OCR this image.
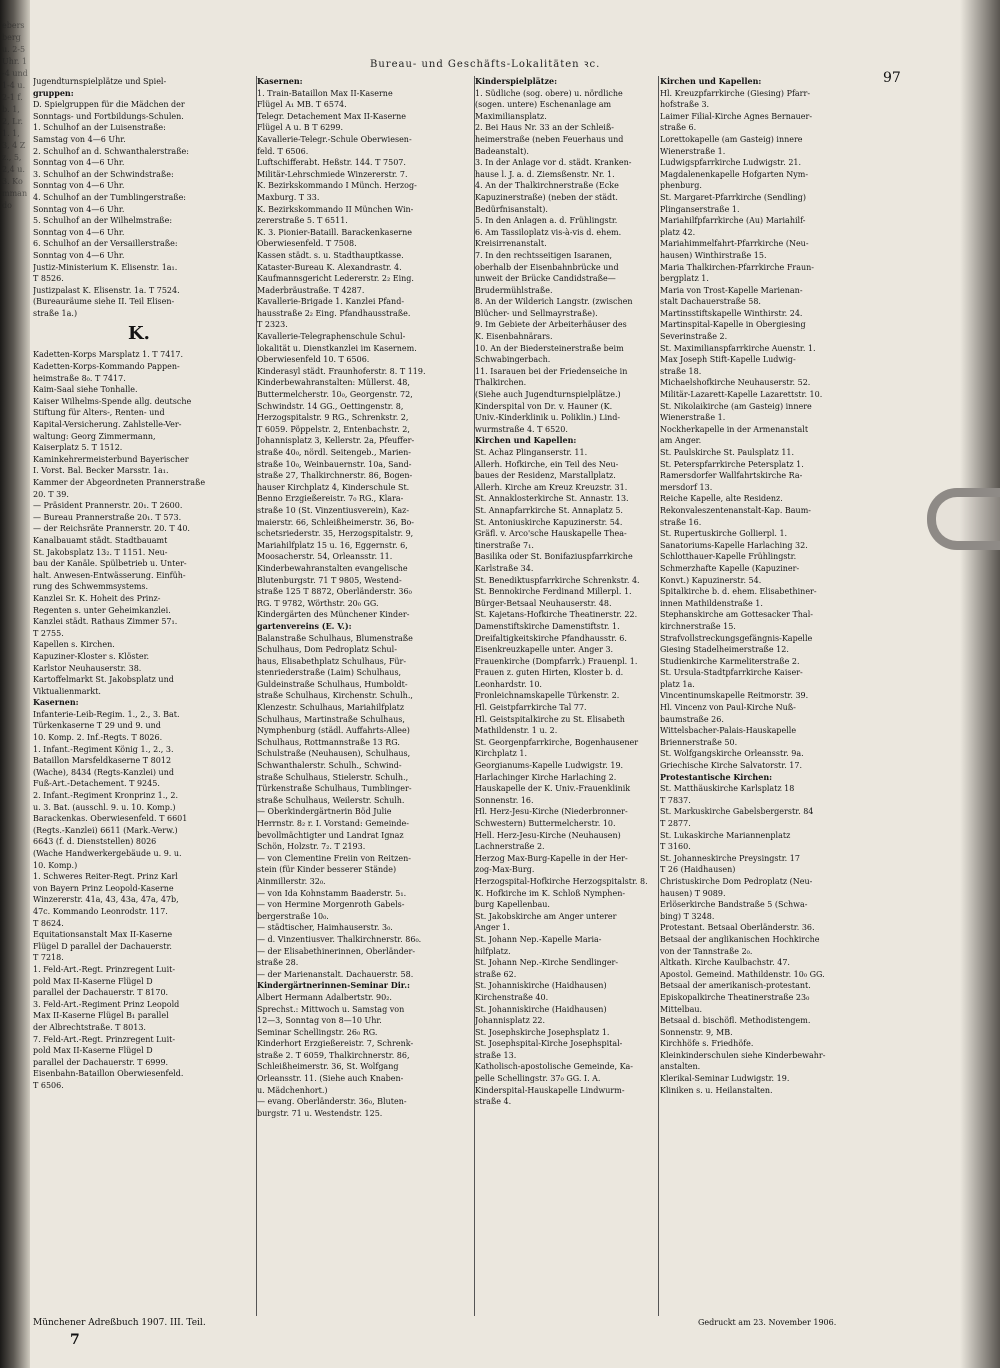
ebersberg u. 2-5 Uhr. 1-4 und 1-4 u. 2-1 f. b. 1, 2, Lr. 1. 1, 3, 4 Zz., 5, 2,4 u. 3. Kommando
Bureau- und Geschäfts-Lokalitäten ꝛc.
97
Jugendturnspielplätze und Spiel-
gruppen:
D. Spielgruppen für die Mädchen der
Sonntags- und Fortbildungs-Schulen.
1. Schulhof an der Luisenstraße:
Samstag von 4—6 Uhr.
2. Schulhof an d. Schwanthalerstraße:
Sonntag von 4—6 Uhr.
3. Schulhof an der Schwindstraße:
Sonntag von 4—6 Uhr.
4. Schulhof an der Tumblingerstraße:
Sonntag von 4—6 Uhr.
5. Schulhof an der Wilhelmstraße:
Sonntag von 4—6 Uhr.
6. Schulhof an der Versaillerstraße:
Sonntag von 4—6 Uhr.
Justiz-Ministerium K. Elisenstr. 1a₁.
T 8526.
Justizpalast K. Elisenstr. 1a. T 7524.
(Bureauräume siehe II. Teil Elisen-
straße 1a.)
K.
Kadetten-Korps Marsplatz 1. T 7417.
Kadetten-Korps-Kommando Pappen-
heimstraße 8₀. T 7417.
Kaim-Saal siehe Tonhalle.
Kaiser Wilhelms-Spende allg. deutsche
Stiftung für Alters-, Renten- und
Kapital-Versicherung. Zahlstelle-Ver-
waltung: Georg Zimmermann,
Kaiserplatz 5. T 1512.
Kaminkehrermeisterbund Bayerischer
I. Vorst. Bal. Becker Marsstr. 1a₁.
Kammer der Abgeordneten Prannerstraße
20. T 39.
— Präsident Prannerstr. 20₁. T 2600.
— Bureau Prannerstraße 20₁. T 573.
— der Reichsräte Prannerstr. 20. T 40.
Kanalbauamt städt. Stadtbauamt
St. Jakobsplatz 13₂. T 1151. Neu-
bau der Kanäle. Spülbetrieb u. Unter-
halt. Anwesen-Entwässerung. Einfüh-
rung des Schwemmsystems.
Kanzlei Sr. K. Hoheit des Prinz-
Regenten s. unter Geheimkanzlei.
Kanzlei städt. Rathaus Zimmer 57₁.
T 2755.
Kapellen s. Kirchen.
Kapuziner-Kloster s. Klöster.
Karlstor Neuhauserstr. 38.
Kartoffelmarkt St. Jakobsplatz und
Viktualienmarkt.
Kasernen:
Infanterie-Leib-Regim. 1., 2., 3. Bat.
Türkenkaserne T 29 und 9. und
10. Komp. 2. Inf.-Regts. T 8026.
1. Infant.-Regiment König 1., 2., 3.
Bataillon Marsfeldkaserne T 8012
(Wache), 8434 (Regts-Kanzlei) und
Fuß-Art.-Detachement. T 9245.
2. Infant.-Regiment Kronprinz 1., 2.
u. 3. Bat. (ausschl. 9. u. 10. Komp.)
Barackenkas. Oberwiesenfeld. T 6601
(Regts.-Kanzlei) 6611 (Mark.-Verw.)
6643 (f. d. Dienststellen) 8026
(Wache Handwerkergebäude u. 9. u.
10. Komp.)
1. Schweres Reiter-Regt. Prinz Karl
von Bayern Prinz Leopold-Kaserne
Winzererstr. 41a, 43, 43a, 47a, 47b,
47c. Kommando Leonrodstr. 117.
T 8624.
Equitationsanstalt Max II-Kaserne
Flügel D parallel der Dachauerstr.
T 7218.
1. Feld-Art.-Regt. Prinzregent Luit-
pold Max II-Kaserne Flügel D
parallel der Dachauerstr. T 8170.
3. Feld-Art.-Regiment Prinz Leopold
Max II-Kaserne Flügel B₁ parallel
der Albrechtstraße. T 8013.
7. Feld-Art.-Regt. Prinzregent Luit-
pold Max II-Kaserne Flügel D
parallel der Dachauerstr. T 6999.
Eisenbahn-Bataillon Oberwiesenfeld.
T 6506.
Kasernen:
1. Train-Bataillon Max II-Kaserne
Flügel A₁ MB. T 6574.
Telegr. Detachement Max II-Kaserne
Flügel A u. B T 6299.
Kavallerie-Telegr.-Schule Oberwiesen-
feld. T 6506.
Luftschifferabt. Heßstr. 144. T 7507.
Militär-Lehrschmiede Winzererstr. 7.
K. Bezirkskommando I Münch. Herzog-
Maxburg. T 33.
K. Bezirkskommando II München Win-
zererstraße 5. T 6511.
K. 3. Pionier-Bataill. Barackenkaserne
Oberwiesenfeld. T 7508.
Kassen städt. s. u. Stadthauptkasse.
Kataster-Bureau K. Alexandrastr. 4.
Kaufmannsgericht Ledererstr. 2₂ Eing.
Maderbräustraße. T 4287.
Kavallerie-Brigade 1. Kanzlei Pfand-
hausstraße 2₂ Eing. Pfandhausstraße.
T 2323.
Kavallerie-Telegraphenschule Schul-
lokalität u. Dienstkanzlei im Kasernem.
Oberwiesenfeld 10. T 6506.
Kinderasyl städt. Fraunhoferstr. 8. T 119.
Kinderbewahranstalten: Müllerst. 48,
Buttermelcherstr. 10₀, Georgenstr. 72,
Schwindstr. 14 GG., Oettingenstr. 8,
Herzogspitalstr. 9 RG., Schrenkstr. 2,
T 6059. Pöppelstr. 2, Entenbachstr. 2,
Johannisplatz 3, Kellerstr. 2a, Pfeuffer-
straße 40₀, nördl. Seitengeb., Marien-
straße 10₀, Weinbauernstr. 10a, Sand-
straße 27, Thalkirchnerstr. 86, Bogen-
hauser Kirchplatz 4, Kinderschule St.
Benno Erzgießereistr. 7₀ RG., Klara-
straße 10 (St. Vinzentiusverein), Kaz-
maierstr. 66, Schleißheimerstr. 36, Bo-
schetsriederstr. 35, Herzogspitalstr. 9,
Mariahilfplatz 15 u. 16, Eggernstr. 6,
Moosacherstr. 54, Orleansstr. 11.
Kinderbewahranstalten evangelische
Blutenburgstr. 71 T 9805, Westend-
straße 125 T 8872, Oberländerstr. 36₀
RG. T 9782, Wörthstr. 20₀ GG.
Kindergärten des Münchener Kinder-
gartenvereins (E. V.):
Balanstraße Schulhaus, Blumenstraße
Schulhaus, Dom Pedroplatz Schul-
haus, Elisabethplatz Schulhaus, Für-
stenriederstraße (Laim) Schulhaus,
Guldeinstraße Schulhaus, Humboldt-
straße Schulhaus, Kirchenstr. Schulh.,
Klenzestr. Schulhaus, Mariahilfplatz
Schulhaus, Martinstraße Schulhaus,
Nymphenburg (städl. Auffahrts-Allee)
Schulhaus, Rottmannstraße 13 RG.
Schulstraße (Neuhausen), Schulhaus,
Schwanthalerstr. Schulh., Schwind-
straße Schulhaus, Stielerstr. Schulh.,
Türkenstraße Schulhaus, Tumblinger-
straße Schulhaus, Weilerstr. Schulh.
— Oberkindergärtnerin Böd Julie
Herrnstr. 8₂ r. I. Vorstand: Gemeinde-
bevollmächtigter und Landrat Ignaz
Schön, Holzstr. 7₂. T 2193.
— von Clementine Freiin von Reitzen-
stein (für Kinder besserer Stände)
Ainmillerstr. 32₀.
— von Ida Kohnstamm Baaderstr. 5₁.
— von Hermine Morgenroth Gabels-
bergerstraße 10₀.
— städtischer, Haimhauserstr. 3₀.
— d. Vinzentiusver. Thalkirchnerstr. 86₀.
— der Elisabethinerinnen, Oberländer-
straße 28.
— der Marienanstalt. Dachauerstr. 58.
Kindergärtnerinnen-Seminar Dir.:
Albert Hermann Adalbertstr. 90₂.
Sprechst.: Mittwoch u. Samstag von
12—3, Sonntag von 8—10 Uhr.
Seminar Schellingstr. 26₀ RG.
Kinderhort Erzgießereistr. 7, Schrenk-
straße 2. T 6059, Thalkirchnerstr. 86,
Schleißheimerstr. 36, St. Wolfgang
Orleansstr. 11. (Siehe auch Knaben-
u. Mädchenhort.)
— evang. Oberländerstr. 36₀, Bluten-
burgstr. 71 u. Westendstr. 125.
Kinderspielplätze:
1. Südliche (sog. obere) u. nördliche
(sogen. untere) Eschenanlage am
Maximiliansplatz.
2. Bei Haus Nr. 33 an der Schleiß-
heimerstraße (neben Feuerhaus und
Badeanstalt).
3. In der Anlage vor d. städt. Kranken-
hause l. J. a. d. Ziemsßenstr. Nr. 1.
4. An der Thalkirchnerstraße (Ecke
Kapuzinerstraße) (neben der städt.
Bedürfnisanstalt).
5. In den Anlagen a. d. Frühlingstr.
6. Am Tassiloplatz vis-à-vis d. ehem.
Kreisirrenanstalt.
7. In den rechtsseitigen Isaranen,
oberhalb der Eisenbahnbrücke und
unweit der Brücke Candidstraße—
Brudermühlstraße.
8. An der Wilderich Langstr. (zwischen
Blücher- und Sellmayrstraße).
9. Im Gebiete der Arbeiterhäuser des
K. Eisenbahnärars.
10. An der Biedersteinerstraße beim
Schwabingerbach.
11. Isarauen bei der Friedenseiche in
Thalkirchen.
(Siehe auch Jugendturnspielplätze.)
Kinderspital von Dr. v. Hauner (K.
Univ.-Kinderklinik u. Poliklin.) Lind-
wurmstraße 4. T 6520.
Kirchen und Kapellen:
St. Achaz Plinganserstr. 11.
Allerh. Hofkirche, ein Teil des Neu-
baues der Residenz, Marstallplatz.
Allerh. Kirche am Kreuz Kreuzstr. 31.
St. Annaklosterkirche St. Annastr. 13.
St. Annapfarrkirche St. Annaplatz 5.
St. Antoniuskirche Kapuzinerstr. 54.
Gräfl. v. Arco'sche Hauskapelle Thea-
tinerstraße 7₁.
Basilika oder St. Bonifaziuspfarrkirche
Karlstraße 34.
St. Benediktuspfarrkirche Schrenkstr. 4.
St. Bennokirche Ferdinand Millerpl. 1.
Bürger-Betsaal Neuhauserstr. 48.
St. Kajetans-Hofkirche Theatinerstr. 22.
Damenstiftskirche Damenstiftstr. 1.
Dreifaltigkeitskirche Pfandhausstr. 6.
Eisenkreuzkapelle unter. Anger 3.
Frauenkirche (Dompfarrk.) Frauenpl. 1.
Frauen z. guten Hirten, Kloster b. d.
Leonhardstr. 10.
Fronleichnamskapelle Türkenstr. 2.
Hl. Geistpfarrkirche Tal 77.
Hl. Geistspitalkirche zu St. Elisabeth
Mathildenstr. 1 u. 2.
St. Georgenpfarrkirche, Bogenhausener
Kirchplatz 1.
Georgianums-Kapelle Ludwigstr. 19.
Harlachinger Kirche Harlaching 2.
Hauskapelle der K. Univ.-Frauenklinik
Sonnenstr. 16.
Hl. Herz-Jesu-Kirche (Niederbronner-
Schwestern) Buttermelcherstr. 10.
Hell. Herz-Jesu-Kirche (Neuhausen)
Lachnerstraße 2.
Herzog Max-Burg-Kapelle in der Her-
zog-Max-Burg.
Herzogspital-Hofkirche Herzogspitalstr. 8.
K. Hofkirche im K. Schloß Nymphen-
burg Kapellenbau.
St. Jakobskirche am Anger unterer
Anger 1.
St. Johann Nep.-Kapelle Maria-
hilfplatz.
St. Johann Nep.-Kirche Sendlinger-
straße 62.
St. Johanniskirche (Haidhausen)
Kirchenstraße 40.
St. Johanniskirche (Haidhausen)
Johannisplatz 22.
St. Josephskirche Josephsplatz 1.
St. Josephspital-Kirche Josephspital-
straße 13.
Katholisch-apostolische Gemeinde, Ka-
pelle Schellingstr. 37₀ GG. I. A.
Kinderspital-Hauskapelle Lindwurm-
straße 4.
Kirchen und Kapellen:
Hl. Kreuzpfarrkirche (Giesing) Pfarr-
hofstraße 3.
Laimer Filial-Kirche Agnes Bernauer-
straße 6.
Lorettokapelle (am Gasteig) innere
Wienerstraße 1.
Ludwigspfarrkirche Ludwigstr. 21.
Magdalenenkapelle Hofgarten Nym-
phenburg.
St. Margaret-Pfarrkirche (Sendling)
Plinganserstraße 1.
Mariahilfpfarrkirche (Au) Mariahilf-
platz 42.
Mariahimmelfahrt-Pfarrkirche (Neu-
hausen) Winthirstraße 15.
Maria Thalkirchen-Pfarrkirche Fraun-
bergplatz 1.
Maria von Trost-Kapelle Marienan-
stalt Dachauerstraße 58.
Martinsstiftskapelle Winthirstr. 24.
Martinspital-Kapelle in Obergiesing
Severinstraße 2.
St. Maximilianspfarrkirche Auenstr. 1.
Max Joseph Stift-Kapelle Ludwig-
straße 18.
Michaelshofkirche Neuhauserstr. 52.
Militär-Lazarett-Kapelle Lazarettstr. 10.
St. Nikolaikirche (am Gasteig) innere
Wienerstraße 1.
Nockherkapelle in der Armenanstalt
am Anger.
St. Paulskirche St. Paulsplatz 11.
St. Peterspfarrkirche Petersplatz 1.
Ramersdorfer Wallfahrtskirche Ra-
mersdorf 13.
Reiche Kapelle, alte Residenz.
Rekonvaleszentenanstalt-Kap. Baum-
straße 16.
St. Rupertuskirche Gollierpl. 1.
Sanatoriums-Kapelle Harlaching 32.
Schlotthauer-Kapelle Frühlingstr.
Schmerzhafte Kapelle (Kapuziner-
Konvt.) Kapuzinerstr. 54.
Spitalkirche b. d. ehem. Elisabethiner-
innen Mathildenstraße 1.
Stephanskirche am Gottesacker Thal-
kirchnerstraße 15.
Strafvollstreckungsgefängnis-Kapelle
Giesing Stadelheimerstraße 12.
Studienkirche Karmeliterstraße 2.
St. Ursula-Stadtpfarrkirche Kaiser-
platz 1a.
Vincentinumskapelle Reitmorstr. 39.
Hl. Vincenz von Paul-Kirche Nuß-
baumstraße 26.
Wittelsbacher-Palais-Hauskapelle
Briennerstraße 50.
St. Wolfgangskirche Orleansstr. 9a.
Griechische Kirche Salvatorstr. 17.
Protestantische Kirchen:
St. Matthäuskirche Karlsplatz 18
T 7837.
St. Markuskirche Gabelsbergerstr. 84
T 2877.
St. Lukaskirche Mariannenplatz
T 3160.
St. Johanneskirche Preysingstr. 17
T 26 (Haidhausen)
Christuskirche Dom Pedroplatz (Neu-
hausen) T 9089.
Erlöserkirche Bandstraße 5 (Schwa-
bing) T 3248.
Protestant. Betsaal Oberländerstr. 36.
Betsaal der anglikanischen Hochkirche
von der Tannstraße 2₀.
Altkath. Kirche Kaulbachstr. 47.
Apostol. Gemeind. Mathildenstr. 10₀ GG.
Betsaal der amerikanisch-protestant.
Episkopalkirche Theatinerstraße 23₀
Mittelbau.
Betsaal d. bischöfl. Methodistengem.
Sonnenstr. 9, MB.
Kirchhöfe s. Friedhöfe.
Kleinkinderschulen siehe Kinderbewahr-
anstalten.
Klerikal-Seminar Ludwigstr. 19.
Kliniken s. u. Heilanstalten.
Münchener Adreßbuch 1907. III. Teil.
7
Gedruckt am 23. November 1906.
